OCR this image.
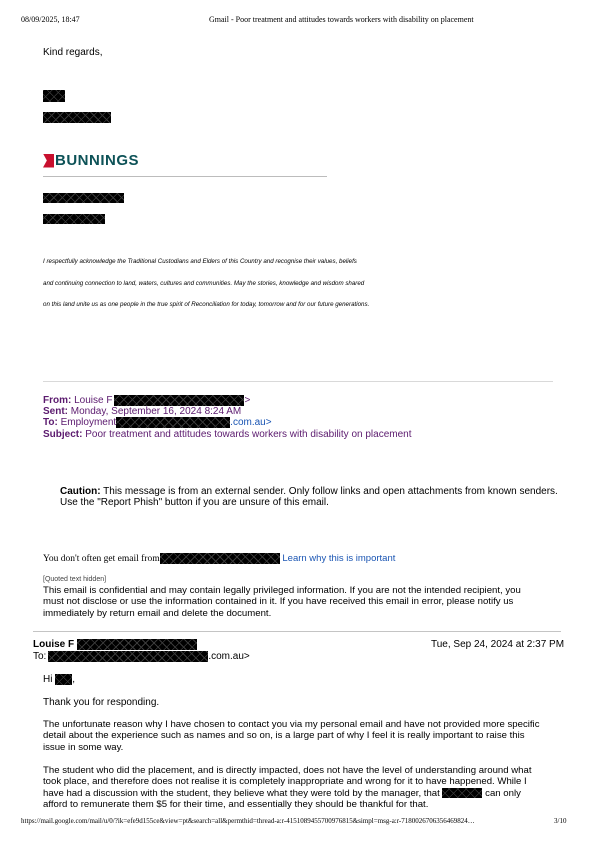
08/09/2025, 18:47	Gmail - Poor treatment and attitudes towards workers with disability on placement
Kind regards,
BUNNINGS
I respectfully acknowledge the Traditional Custodians and Elders of this Country and recognise their values, beliefs
and continuing connection to land, waters, cultures and communities. May the stories, knowledge and wisdom shared
on this land unite us as one people in the true spirit of Reconciliation for today, tomorrow and for our future generations.
From: Louise F	>
Sent: Monday, September 16, 2024 8:24 AM
To: Employment	.com.au>
Subject: Poor treatment and attitudes towards workers with disability on placement
Caution: This message is from an external sender. Only follow links and open attachments from known senders.
Use the "Report Phish" button if you are unsure of this email.
You don't often get email from	Learn why this is important
[Quoted text hidden]
This email is confidential and may contain legally privileged information. If you are not the intended recipient, you
must not disclose or use the information contained in it. If you have received this email in error, please notify us
immediately by return email and delete the document.
Louise F	Tue, Sep 24, 2024 at 2:37 PM
To:	.com.au>
Hi ,
Thank you for responding.
The unfortunate reason why I have chosen to contact you via my personal email and have not provided more specific
detail about the experience such as names and so on, is a large part of why I feel it is really important to raise this
issue in some way.
The student who did the placement, and is directly impacted, does not have the level of understanding around what
took place, and therefore does not realise it is completely inappropriate and wrong for it to have happened. While I
have had a discussion with the student, they believe what they were told by the manager, that	can only
afford to remunerate them $5 for their time, and essentially they should be thankful for that.
https://mail.google.com/mail/u/0/?ik=efe9d155ce&view=pt&search=all&permthid=thread-a:r-4151089455700976815&simpl=msg-a:r-7180026706356469824…	3/10
